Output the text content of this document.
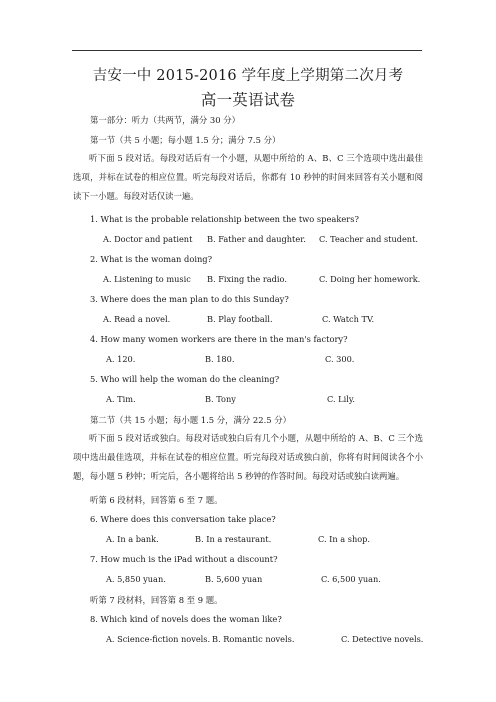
吉安一中 2015-2016 学年度上学期第二次月考
高一英语试卷
第一部分：听力（共两节，满分 30 分）
第一节（共 5 小题；每小题 1.5 分；满分 7.5 分）
听下面 5 段对话。每段对话后有一个小题，从题中所给的 A、B、C 三个选项中选出最佳选项，并标在试卷的相应位置。听完每段对话后，你都有 10 秒钟的时间来回答有关小题和阅读下一小题。每段对话仅读一遍。
1. What is the probable relationship between the two speakers?
A. Doctor and patient B. Father and daughter. C. Teacher and student.
2. What is the woman doing?
A. Listening to music B. Fixing the radio.	C. Doing her homework.
3. Where does the man plan to do this Sunday?
A. Read a novel.	B. Play football.	C. Watch TV.
4. How many women workers are there in the man's factory?
A. 120.	B. 180.	C. 300.
5. Who will help the woman do the cleaning?
A. Tim.	B. Tony	C. Lily.
第二节（共 15 小题；每小题 1.5 分，满分 22.5 分）
听下面 5 段对话或独白。每段对话或独白后有几个小题，从题中所给的 A、B、C 三个选项中选出最佳选项，并标在试卷的相应位置。听完每段对话或独白前，你将有时间阅读各个小题，每小题 5 秒钟；听完后，各小题将给出 5 秒钟的作答时间。每段对话或独白读两遍。
听第 6 段材料，回答第 6 至 7 题。
6. Where does this conversation take place?
A. In a bank.	B. In a restaurant.	C. In a shop.
7. How much is the iPad without a discount?
A. 5,850 yuan.	B. 5,600 yuan	C. 6,500 yuan.
听第 7 段材料，回答第 8 至 9 题。
8. Which kind of novels does the woman like?
A. Science-fiction novels. B. Romantic novels.	C. Detective novels.
